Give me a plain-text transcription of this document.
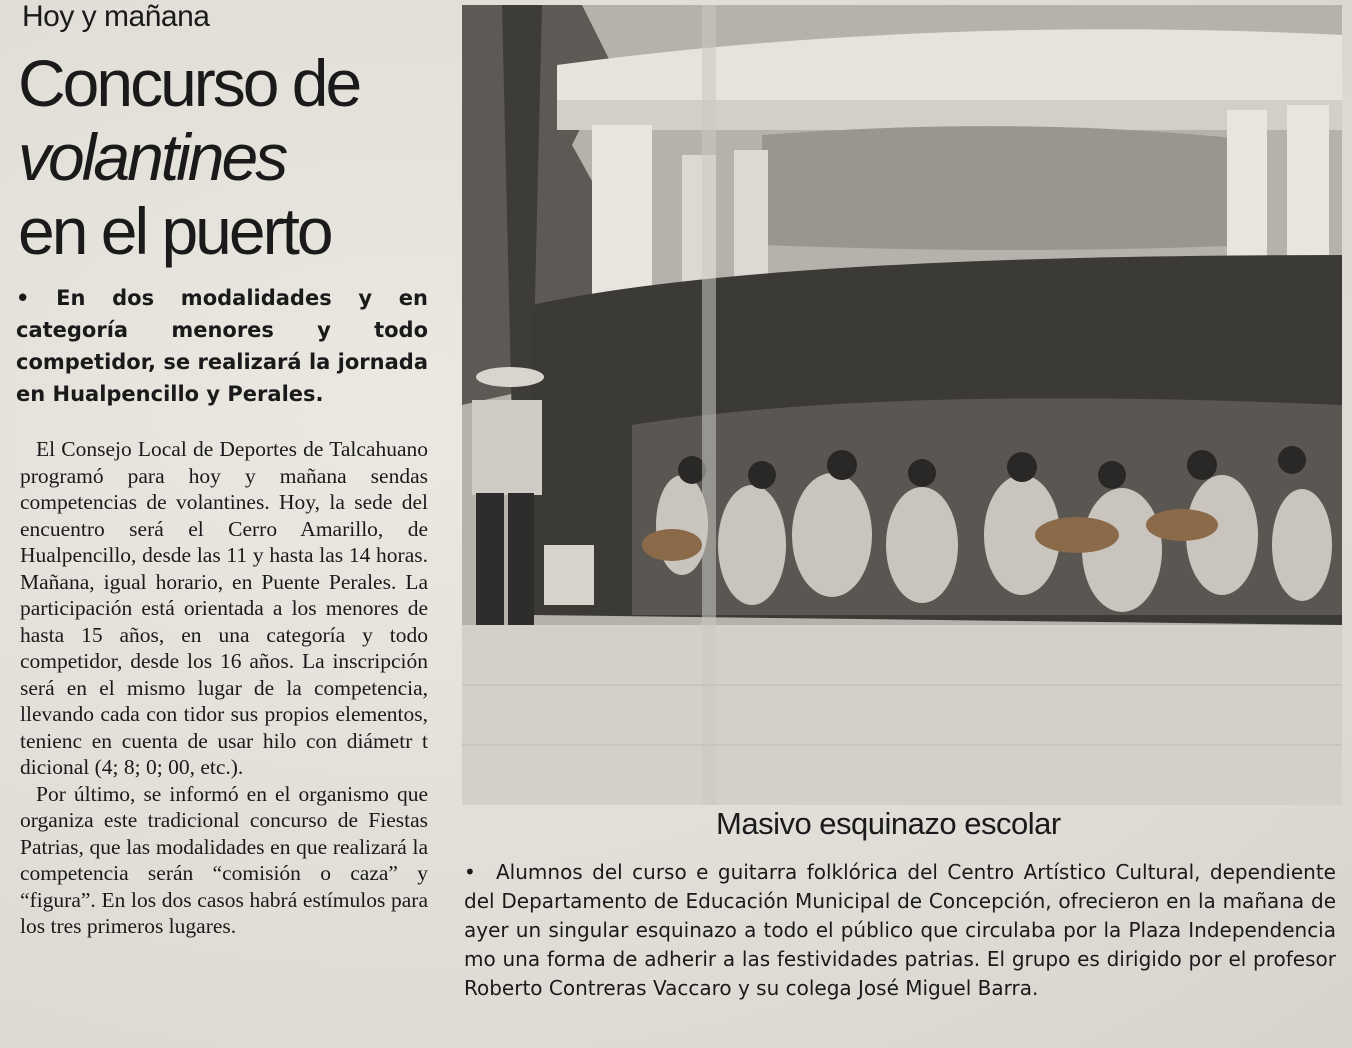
Hoy y mañana
Concurso de
volantines
en el puerto
• En dos modalidades y en categoría menores y todo competidor, se realizará la jornada en Hualpencillo y Perales.

El Consejo Local de Deportes de Talcahuano programó para hoy y mañana sendas competencias de volantines. Hoy, la sede del encuentro será el Cerro Amarillo, de Hualpencillo, desde las 11 y hasta las 14 horas. Mañana, igual horario, en Puente Perales. La participación está orientada a los menores de hasta 15 años, en una categoría y todo competidor, desde los 16 años. La inscripción será en el mismo lugar de la competencia, llevando cada con tidor sus propios elementos, tenienc en cuenta de usar hilo con diámetr t dicional (4; 8; 0; 00, etc.).

Por último, se informó en el organismo que organiza este tradicional concurso de Fiestas Patrias, que las modalidades en que realizará la competencia serán “comisión o caza” y “figura”. En los dos casos habrá estímulos para los tres primeros lugares.

Masivo esquinazo escolar
• Alumnos del curso e guitarra folklórica del Centro Artístico Cultural, dependiente del Departamento de Educación Municipal de Concepción, ofrecieron en la mañana de ayer un singular esquinazo a todo el público que circulaba por la Plaza Independencia mo una forma de adherir a las festividades patrias. El grupo es dirigido por el profesor Roberto Contreras Vaccaro y su colega José Miguel Barra.
